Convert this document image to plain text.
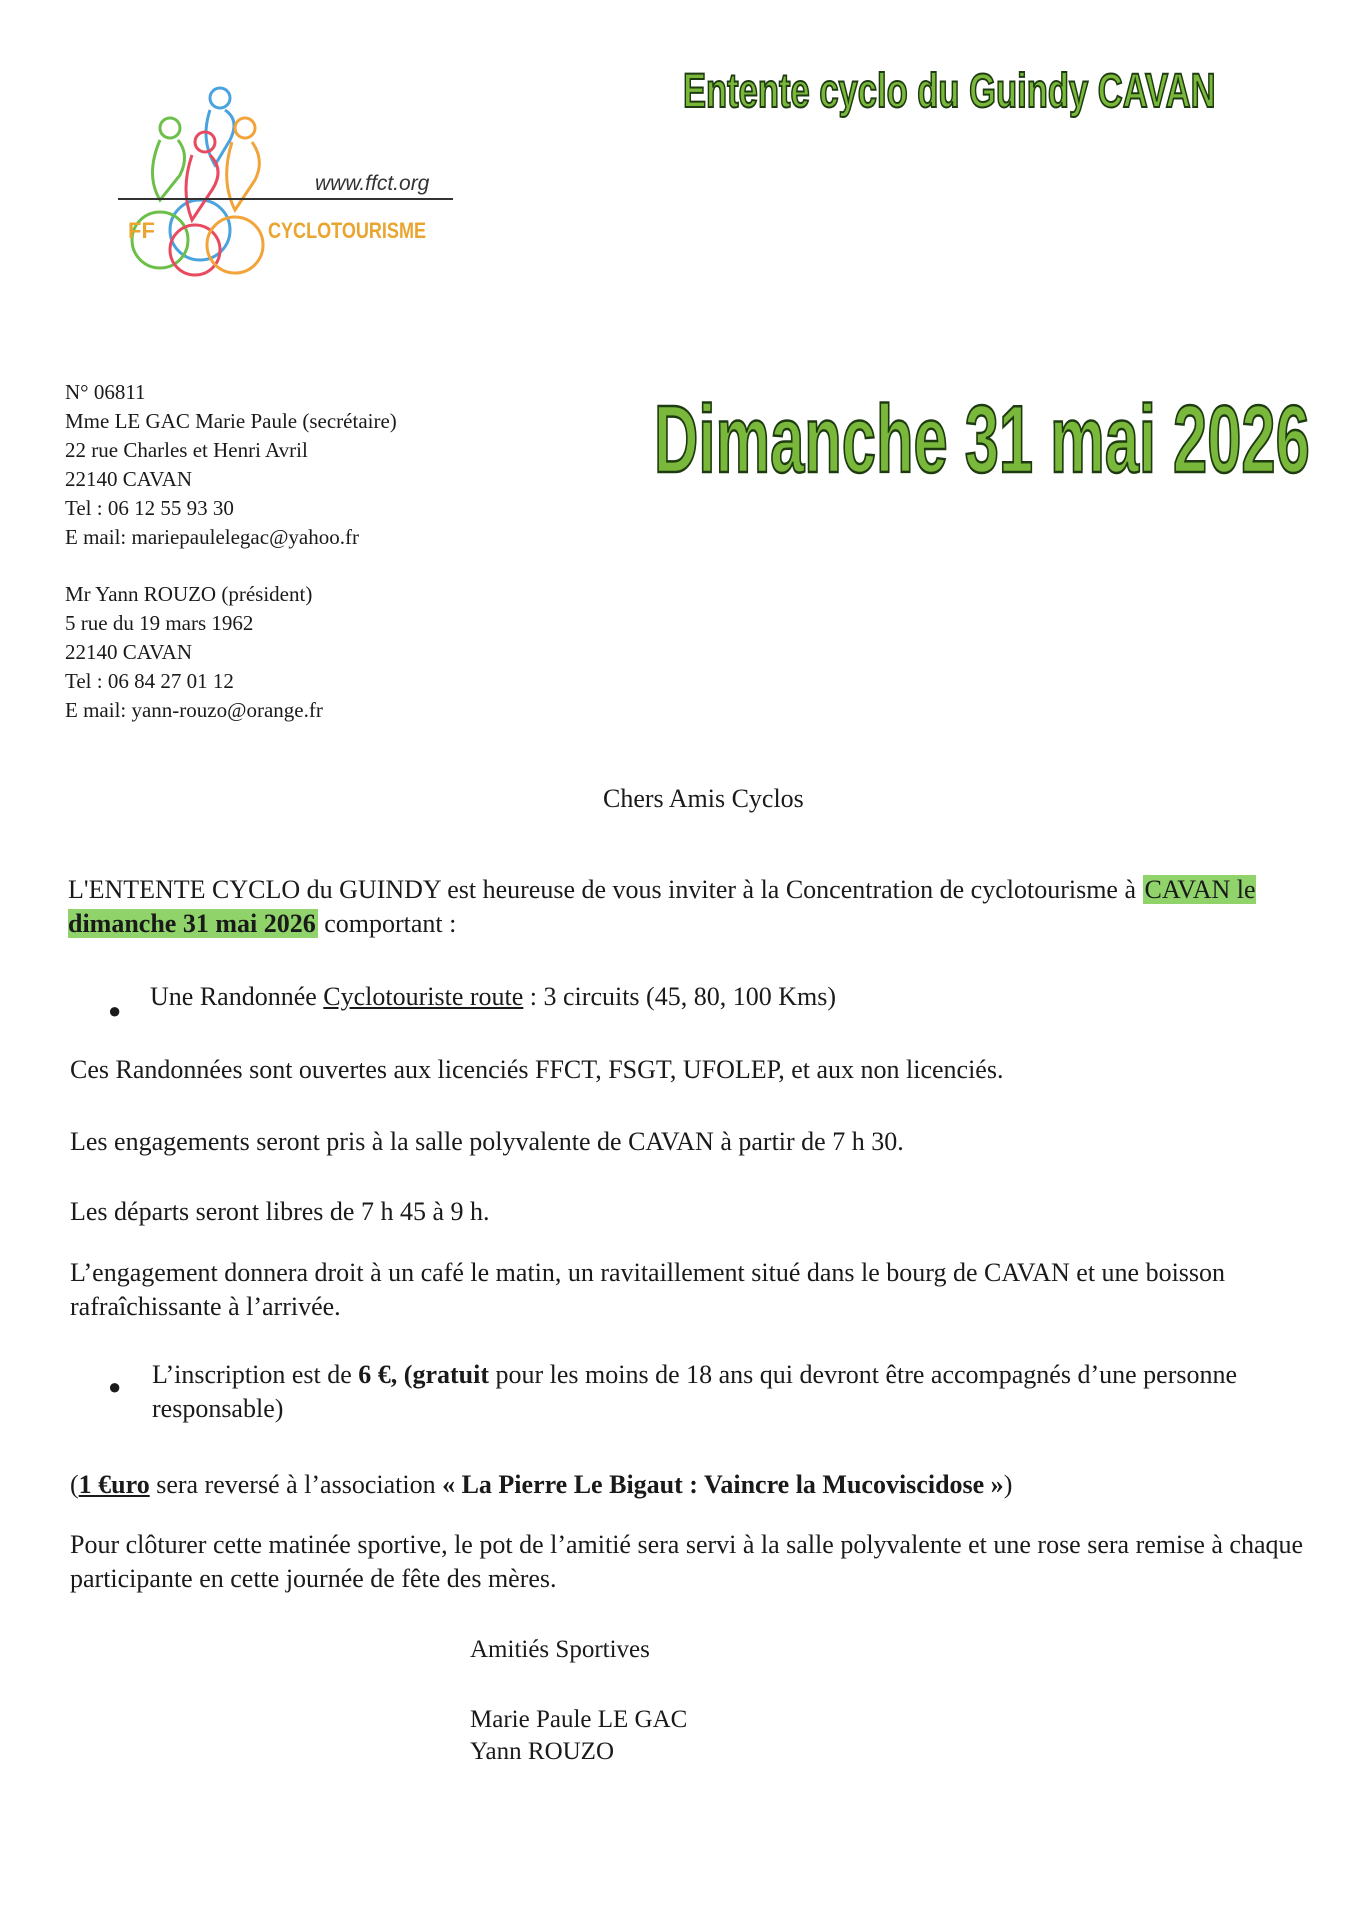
www.ffct.org
FF	CYCLOTOURISME
Entente cyclo du Guindy CAVAN
Dimanche 31 mai 2026
N° 06811
Mme LE GAC Marie Paule (secrétaire)
22 rue Charles et Henri Avril
22140 CAVAN
Tel : 06 12 55 93 30
E mail: mariepaulelegac@yahoo.fr
Mr Yann ROUZO (président)
5 rue du 19 mars 1962
22140 CAVAN
Tel : 06 84 27 01 12
E mail: yann-rouzo@orange.fr
Chers Amis Cyclos
L'ENTENTE CYCLO du GUINDY est heureuse de vous inviter à la Concentration de cyclotourisme à CAVAN le dimanche 31 mai 2026 comportant :
● Une Randonnée Cyclotouriste route : 3 circuits (45, 80, 100 Kms)
Ces Randonnées sont ouvertes aux licenciés FFCT, FSGT, UFOLEP, et aux non licenciés.
Les engagements seront pris à la salle polyvalente de CAVAN à partir de 7 h 30.
Les départs seront libres de 7 h 45 à 9 h.
L’engagement donnera droit à un café le matin, un ravitaillement situé dans le bourg de CAVAN et une boisson rafraîchissante à l’arrivée.
● L’inscription est de 6 €, (gratuit pour les moins de 18 ans qui devront être accompagnés d’une personne responsable)
(1 €uro sera reversé à l’association « La Pierre Le Bigaut : Vaincre la Mucoviscidose »)
Pour clôturer cette matinée sportive, le pot de l’amitié sera servi à la salle polyvalente et une rose sera remise à chaque participante en cette journée de fête des mères.
Amitiés Sportives
Marie Paule LE GAC
Yann ROUZO
